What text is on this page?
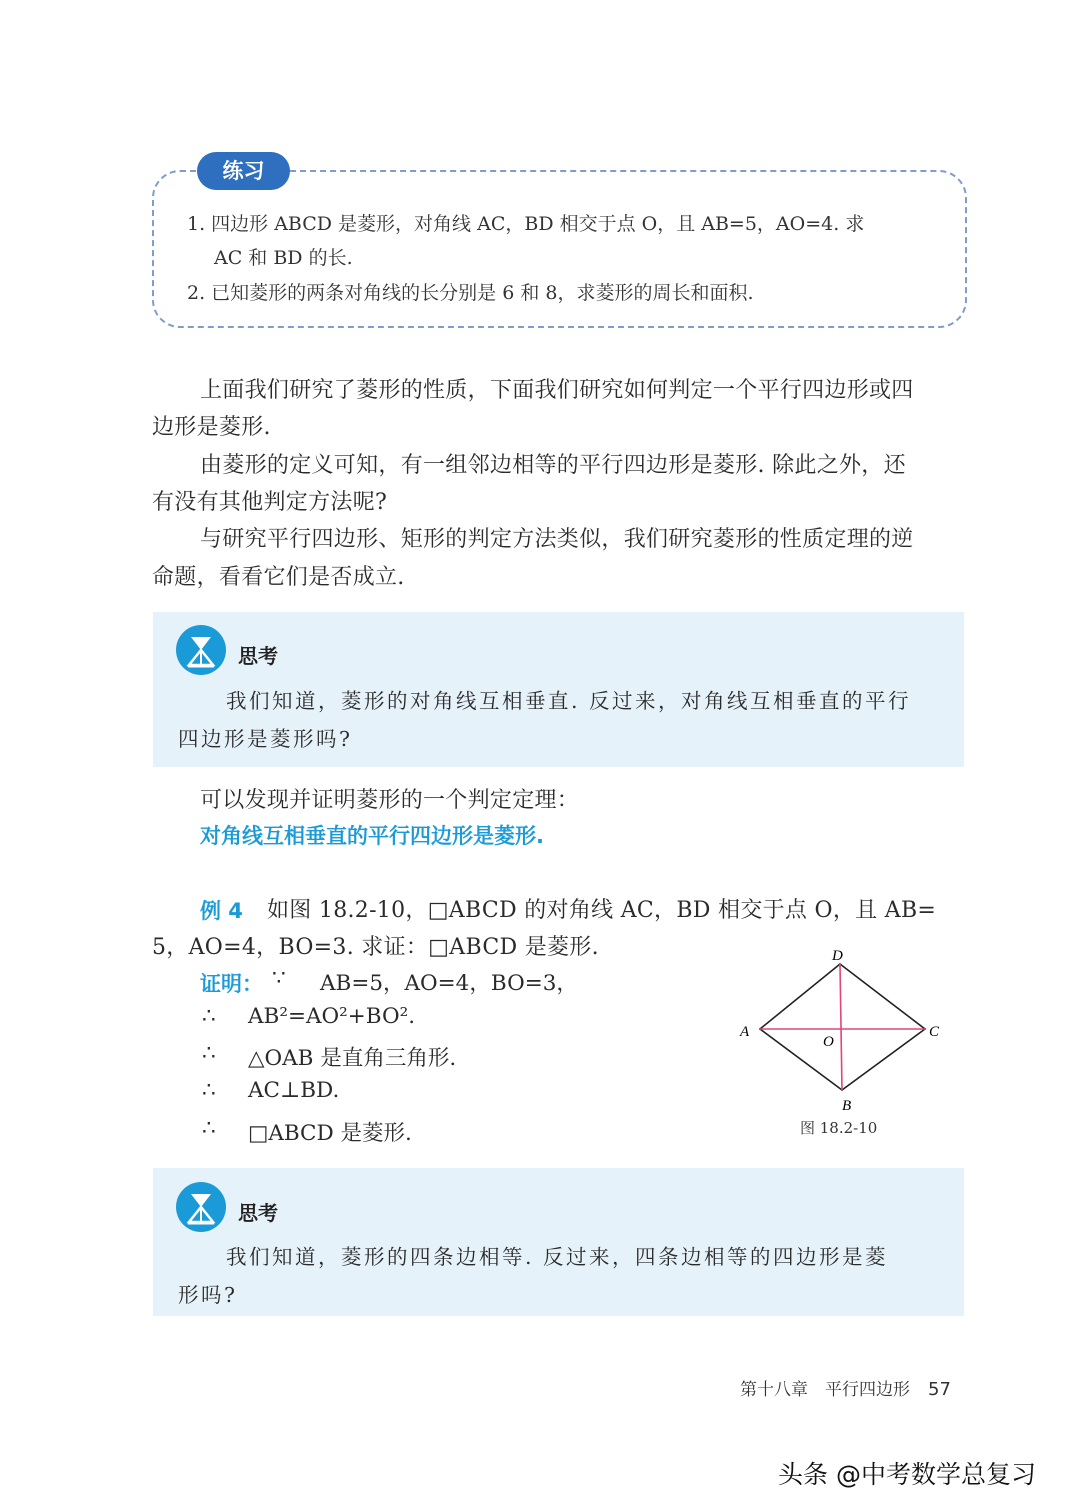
练习
1. 四边形 ABCD 是菱形，对角线 AC，BD 相交于点 O，且 AB=5，AO=4. 求
AC 和 BD 的长.
2. 已知菱形的两条对角线的长分别是 6 和 8，求菱形的周长和面积.
上面我们研究了菱形的性质，下面我们研究如何判定一个平行四边形或四
边形是菱形.
由菱形的定义可知，有一组邻边相等的平行四边形是菱形. 除此之外，还
有没有其他判定方法呢?
与研究平行四边形、矩形的判定方法类似，我们研究菱形的性质定理的逆
命题，看看它们是否成立.
思考
我们知道，菱形的对角线互相垂直. 反过来，对角线互相垂直的平行
四边形是菱形吗?
可以发现并证明菱形的一个判定定理：
对角线互相垂直的平行四边形是菱形.
例 4 如图 18.2-10，□ABCD 的对角线 AC，BD 相交于点 O，且 AB=
5，AO=4，BO=3. 求证：□ABCD 是菱形.
证明： ∵ AB=5，AO=4，BO=3，
∴ AB²=AO²+BO².
∴ △OAB 是直角三角形.
∴ AC⊥BD.
∴ □ABCD 是菱形.
D
A	C
O
B
图 18.2-10
思考
我们知道，菱形的四条边相等. 反过来，四条边相等的四边形是菱
形吗?
第十八章　平行四边形 57
头条 @中考数学总复习
